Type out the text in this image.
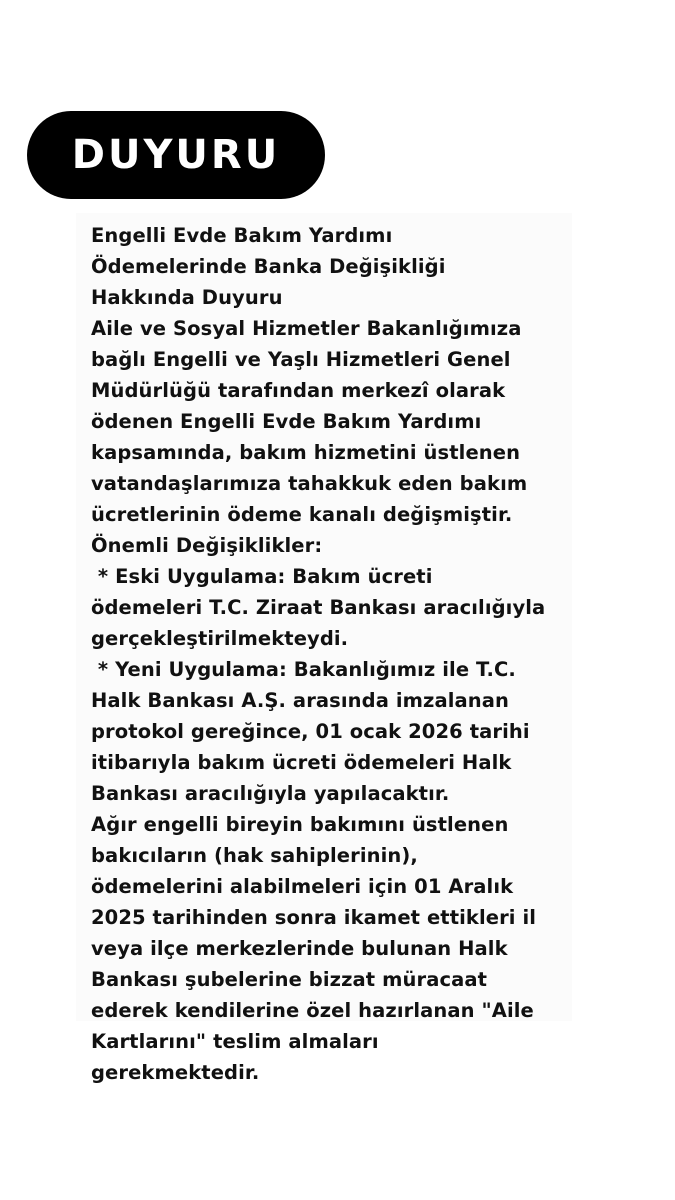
DUYURU
Engelli Evde Bakım Yardımı
Ödemelerinde Banka Değişikliği
Hakkında Duyuru
Aile ve Sosyal Hizmetler Bakanlığımıza
bağlı Engelli ve Yaşlı Hizmetleri Genel
Müdürlüğü tarafından merkezî olarak
ödenen Engelli Evde Bakım Yardımı
kapsamında, bakım hizmetini üstlenen
vatandaşlarımıza tahakkuk eden bakım
ücretlerinin ödeme kanalı değişmiştir.
Önemli Değişiklikler:
* Eski Uygulama: Bakım ücreti
ödemeleri T.C. Ziraat Bankası aracılığıyla
gerçekleştirilmekteydi.
* Yeni Uygulama: Bakanlığımız ile T.C.
Halk Bankası A.Ş. arasında imzalanan
protokol gereğince, 01 ocak 2026 tarihi
itibarıyla bakım ücreti ödemeleri Halk
Bankası aracılığıyla yapılacaktır.
Ağır engelli bireyin bakımını üstlenen
bakıcıların (hak sahiplerinin),
ödemelerini alabilmeleri için 01 Aralık
2025 tarihinden sonra ikamet ettikleri il
veya ilçe merkezlerinde bulunan Halk
Bankası şubelerine bizzat müracaat
ederek kendilerine özel hazırlanan "Aile
Kartlarını" teslim almaları
gerekmektedir.
